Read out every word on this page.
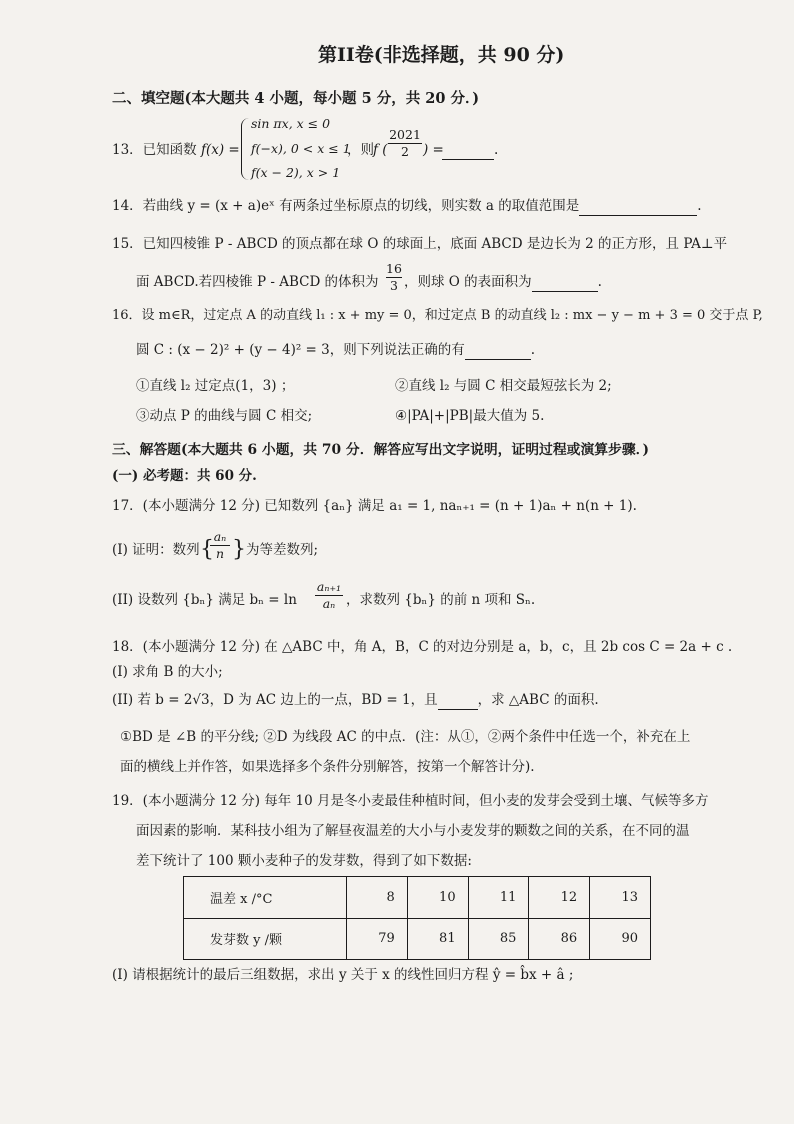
第II卷(非选择题，共 90 分)
二、填空题(本大题共 4 小题，每小题 5 分，共 20 分．)
13．已知函数 f(x) =
sin πx, x ≤ 0
f(−x), 0 < x ≤ 1
f(x − 2), x > 1
，则 f (
2021
2	) =	.
14．若曲线 y = (x + a)eˣ 有两条过坐标原点的切线，则实数 a 的取值范围是	.
15．已知四棱锥 P - ABCD 的顶点都在球 O 的球面上，底面 ABCD 是边长为 2 的正方形，且 PA⊥平
面 ABCD.若四棱锥 P - ABCD 的体积为
16
3 ，则球 O 的表面积为	.
16．设 m∈R，过定点 A 的动直线 l₁ : x + my = 0，和过定点 B 的动直线 l₂ : mx − y − m + 3 = 0 交于点 P,
圆 C : (x − 2)² + (y − 4)² = 3，则下列说法正确的有	.
①直线 l₂ 过定点(1，3) ；	②直线 l₂ 与圆 C 相交最短弦长为 2;
③动点 P 的曲线与圆 C 相交;	④|PA|+|PB|最大值为 5.
三、解答题(本大题共 6 小题，共 70 分．解答应写出文字说明，证明过程或演算步骤．)
(一) 必考题：共 60 分.
17．(本小题满分 12 分) 已知数列 {aₙ} 满足 a₁ = 1, naₙ₊₁ = (n + 1)aₙ + n(n + 1).
(I) 证明：数列 {
aₙ
n } 为等差数列;
(II) 设数列 {bₙ} 满足 bₙ = ln
aₙ₊₁
aₙ ，求数列 {bₙ} 的前 n 项和 Sₙ.
18．(本小题满分 12 分) 在 △ABC 中，角 A，B，C 的对边分别是 a，b，c，且 2b cos C = 2a + c .
(I) 求角 B 的大小;
(II) 若 b = 2√3，D 为 AC 边上的一点，BD = 1，且	，求 △ABC 的面积.
①BD 是 ∠B 的平分线; ②D 为线段 AC 的中点．(注：从①，②两个条件中任选一个，补充在上
面的横线上并作答，如果选择多个条件分别解答，按第一个解答计分).
19．(本小题满分 12 分) 每年 10 月是冬小麦最佳种植时间，但小麦的发芽会受到土壤、气候等多方
面因素的影响．某科技小组为了解昼夜温差的大小与小麦发芽的颗数之间的关系，在不同的温
差下统计了 100 颗小麦种子的发芽数，得到了如下数据:
温差 x /°C	8	10	11	12	13
发芽数 y /颗	79	81	85	86	90
(I) 请根据统计的最后三组数据，求出 y 关于 x 的线性回归方程 ŷ = b̂x + â ;
